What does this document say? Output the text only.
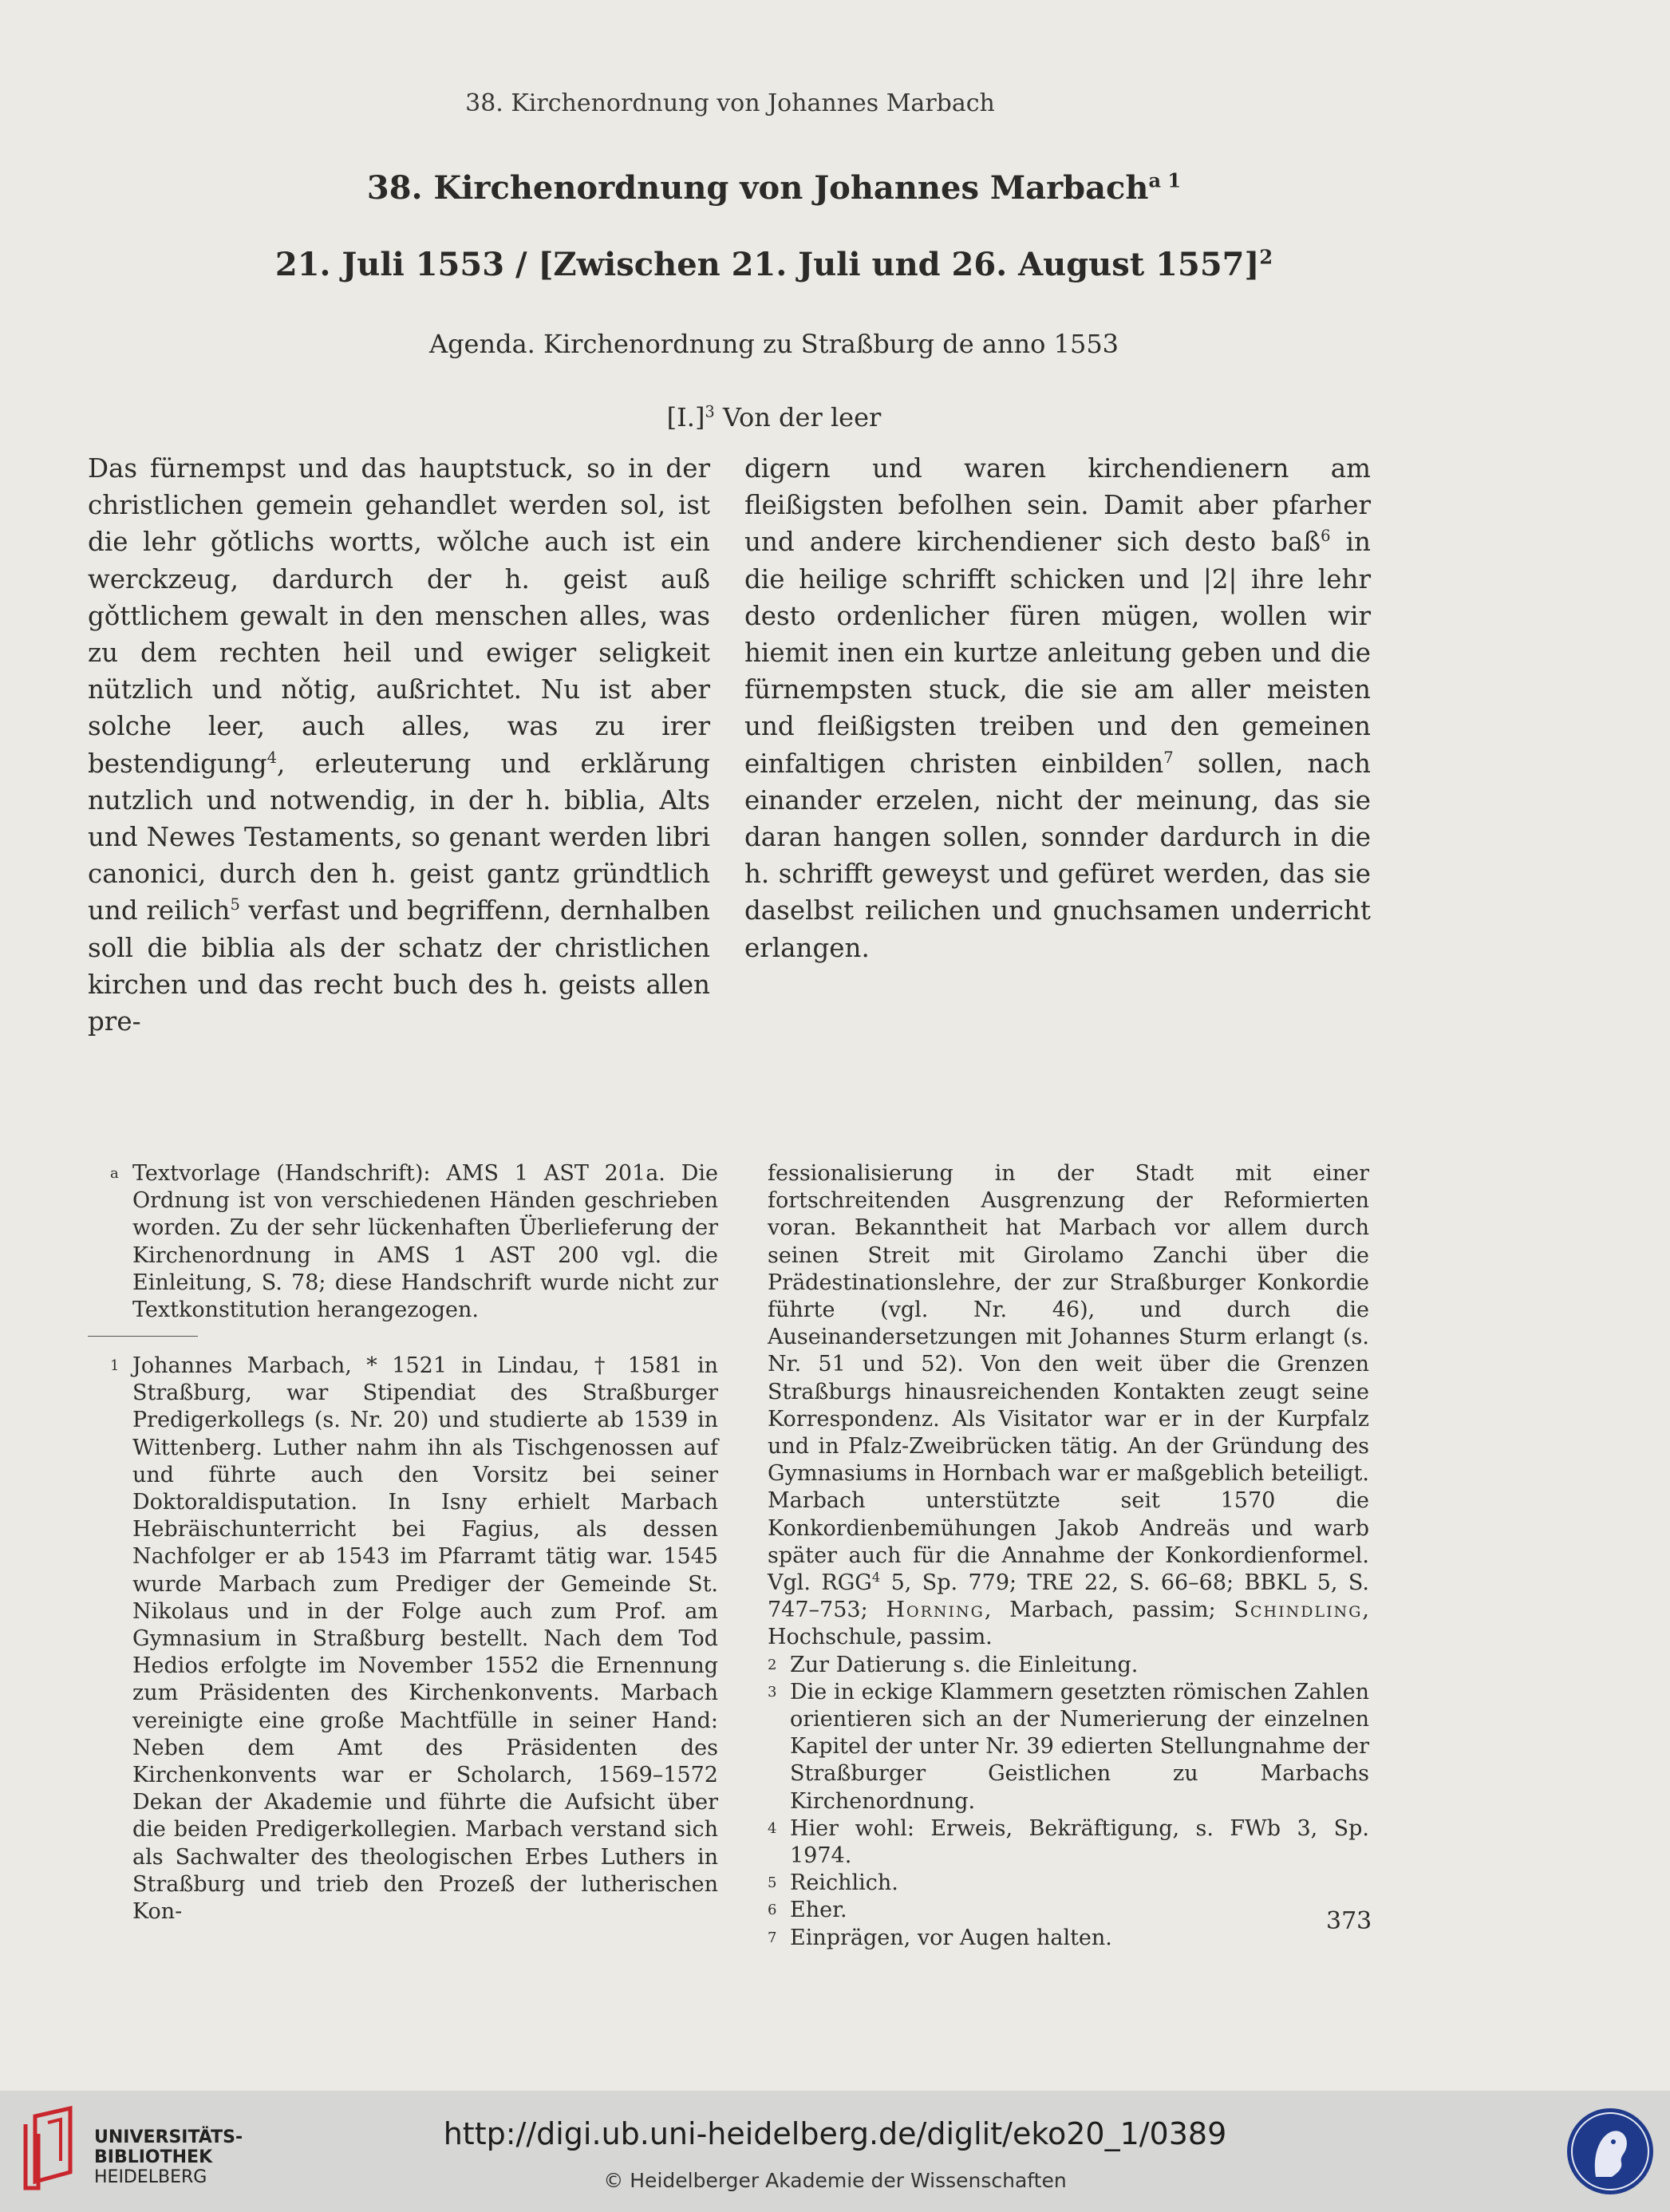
38. Kirchenordnung von Johannes Marbach
38. Kirchenordnung von Johannes Marbach$^{a 1}$
21. Juli 1553 / [Zwischen 21. Juli und 26. August 1557]$^2$
Agenda. Kirchenordnung zu Straßburg de anno 1553
$[I.]^3$ Von der leer

Das fürnempst und das hauptstuck, so in der christlichen gemein gehandlet werden sol, ist die lehr gǒtlichs wortts, wǒlche auch ist ein werckzeug, dardurch der h. geist auß gǒttlichem gewalt in den menschen alles, was zu dem rechten heil und ewiger seligkeit nützlich und nǒtig, außrichtet. Nu ist aber solche leer, auch alles, was zu irer bestendigung$^4$, erleuterung und erklǎrung nutzlich und notwendig, in der h. biblia, Alts und Newes Testaments, so genant werden libri canonici, durch den h. geist gantz gründtlich und reilich$^5$ verfast und begriffenn, dernhalben soll die biblia als der schatz der christlichen kirchen und das recht buch des h. geists allen pre-

digern und waren kirchendienern am fleißigsten befolhen sein. Damit aber pfarher und andere kirchendiener sich desto baß$^6$ in die heilige schrifft schicken und |2| ihre lehr desto ordenlicher füren mügen, wollen wir hiemit inen ein kurtze anleitung geben und die fürnempsten stuck, die sie am aller meisten und fleißigsten treiben und den gemeinen einfaltigen christen einbilden$^7$ sollen, nach einander erzelen, nicht der meinung, das sie daran hangen sollen, sonnder dardurch in die h. schrifft geweyst und gefüret werden, das sie daselbst reilichen und gnuchsamen underricht erlangen.

a Textvorlage (Handschrift): AMS 1 AST 201a. Die Ordnung ist von verschiedenen Händen geschrieben worden. Zu der sehr lückenhaften Überlieferung der Kirchenordnung in AMS 1 AST 200 vgl. die Einleitung, S. 78; diese Handschrift wurde nicht zur Textkonstitution herangezogen.

1 Johannes Marbach, * 1521 in Lindau, † 1581 in Straßburg, war Stipendiat des Straßburger Predigerkollegs (s. Nr. 20) und studierte ab 1539 in Wittenberg. Luther nahm ihn als Tischgenossen auf und führte auch den Vorsitz bei seiner Doktoraldisputation. In Isny erhielt Marbach Hebräischunterricht bei Fagius, als dessen Nachfolger er ab 1543 im Pfarramt tätig war. 1545 wurde Marbach zum Prediger der Gemeinde St. Nikolaus und in der Folge auch zum Prof. am Gymnasium in Straßburg bestellt. Nach dem Tod Hedios erfolgte im November 1552 die Ernennung zum Präsidenten des Kirchenkonvents. Marbach vereinigte eine große Machtfülle in seiner Hand: Neben dem Amt des Präsidenten des Kirchenkonvents war er Scholarch, 1569–1572 Dekan der Akademie und führte die Aufsicht über die beiden Predigerkollegien. Marbach verstand sich als Sachwalter des theologischen Erbes Luthers in Straßburg und trieb den Prozeß der lutherischen Kon-

fessionalisierung in der Stadt mit einer fortschreitenden Ausgrenzung der Reformierten voran. Bekanntheit hat Marbach vor allem durch seinen Streit mit Girolamo Zanchi über die Prädestinationslehre, der zur Straßburger Konkordie führte (vgl. Nr. 46), und durch die Auseinandersetzungen mit Johannes Sturm erlangt (s. Nr. 51 und 52). Von den weit über die Grenzen Straßburgs hinausreichenden Kontakten zeugt seine Korrespondenz. Als Visitator war er in der Kurpfalz und in Pfalz-Zweibrücken tätig. An der Gründung des Gymnasiums in Hornbach war er maßgeblich beteiligt. Marbach unterstützte seit 1570 die Konkordienbemühungen Jakob Andreäs und warb später auch für die Annahme der Konkordienformel. Vgl. RGG$^4$ 5, Sp. 779; TRE 22, S. 66–68; BBKL 5, S. 747–753; Horning, Marbach, passim; Schindling, Hochschule, passim.

2 Zur Datierung s. die Einleitung.

3 Die in eckige Klammern gesetzten römischen Zahlen orientieren sich an der Numerierung der einzelnen Kapitel der unter Nr. 39 edierten Stellungnahme der Straßburger Geistlichen zu Marbachs Kirchenordnung.

4 Hier wohl: Erweis, Bekräftigung, s. FWb 3, Sp. 1974.

5 Reichlich.

6 Eher.

7 Einprägen, vor Augen halten.

373
UNIVERSITÄTS-
BIBLIOTHEK
HEIDELBERG
http://digi.ub.uni-heidelberg.de/diglit/eko20_1/0389
© Heidelberger Akademie der Wissenschaften
